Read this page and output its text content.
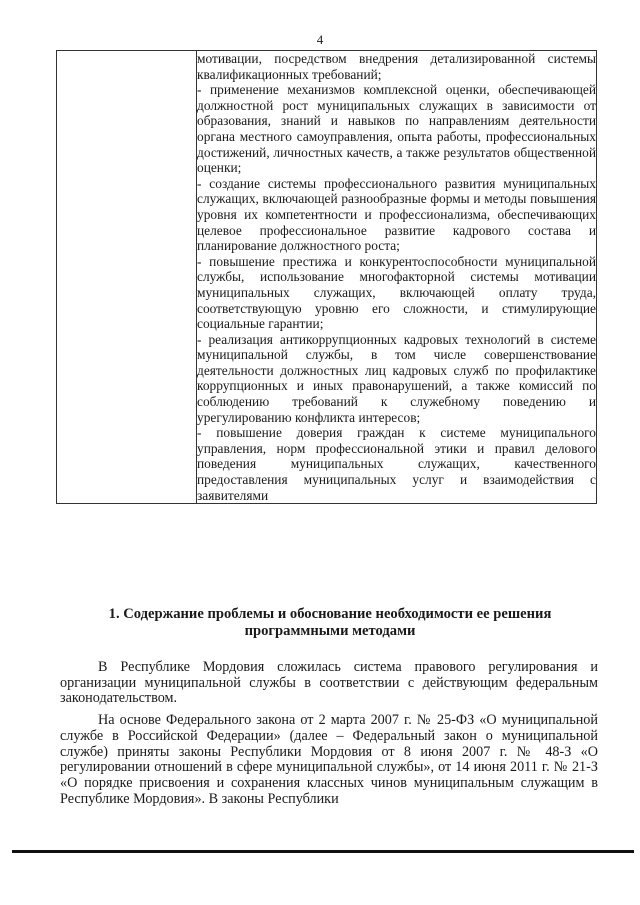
4

мотивации, посредством внедрения детализированной системы квалификационных требований;

- применение механизмов комплексной оценки, обеспечивающей должностной рост муниципальных служащих в зависимости от образования, знаний и навыков по направлениям деятельности органа местного самоуправления, опыта работы, профессиональных достижений, личностных качеств, а также результатов общественной оценки;

- создание системы профессионального развития муниципальных служащих, включающей разнообразные формы и методы повышения уровня их компетентности и профессионализма, обеспечивающих целевое профессиональное развитие кадрового состава и планирование должностного роста;

- повышение престижа и конкурентоспособности муниципальной службы, использование многофакторной системы мотивации муниципальных служащих, включающей оплату труда, соответствующую уровню его сложности, и стимулирующие социальные гарантии;

- реализация антикоррупционных кадровых технологий в системе муниципальной службы, в том числе совершенствование деятельности должностных лиц кадровых служб по профилактике коррупционных и иных правонарушений, а также комиссий по соблюдению требований к служебному поведению и урегулированию конфликта интересов;

- повышение доверия граждан к системе муниципального управления, норм профессиональной этики и правил делового поведения муниципальных служащих, качественного предоставления муниципальных услуг и взаимодействия с заявителями

1. Содержание проблемы и обоснование необходимости ее решения программными методами

В Республике Мордовия сложилась система правового регулирования и организации муниципальной службы в соответствии с действующим федеральным законодательством.

На основе Федерального закона от 2 марта 2007 г. № 25-ФЗ «О муниципальной службе в Российской Федерации» (далее – Федеральный закон о муниципальной службе) приняты законы Республики Мордовия от 8 июня 2007 г. № 48-З «О регулировании отношений в сфере муниципальной службы», от 14 июня 2011 г. № 21-З «О порядке присвоения и сохранения классных чинов муниципальным служащим в Республике Мордовия». В законы Республики
